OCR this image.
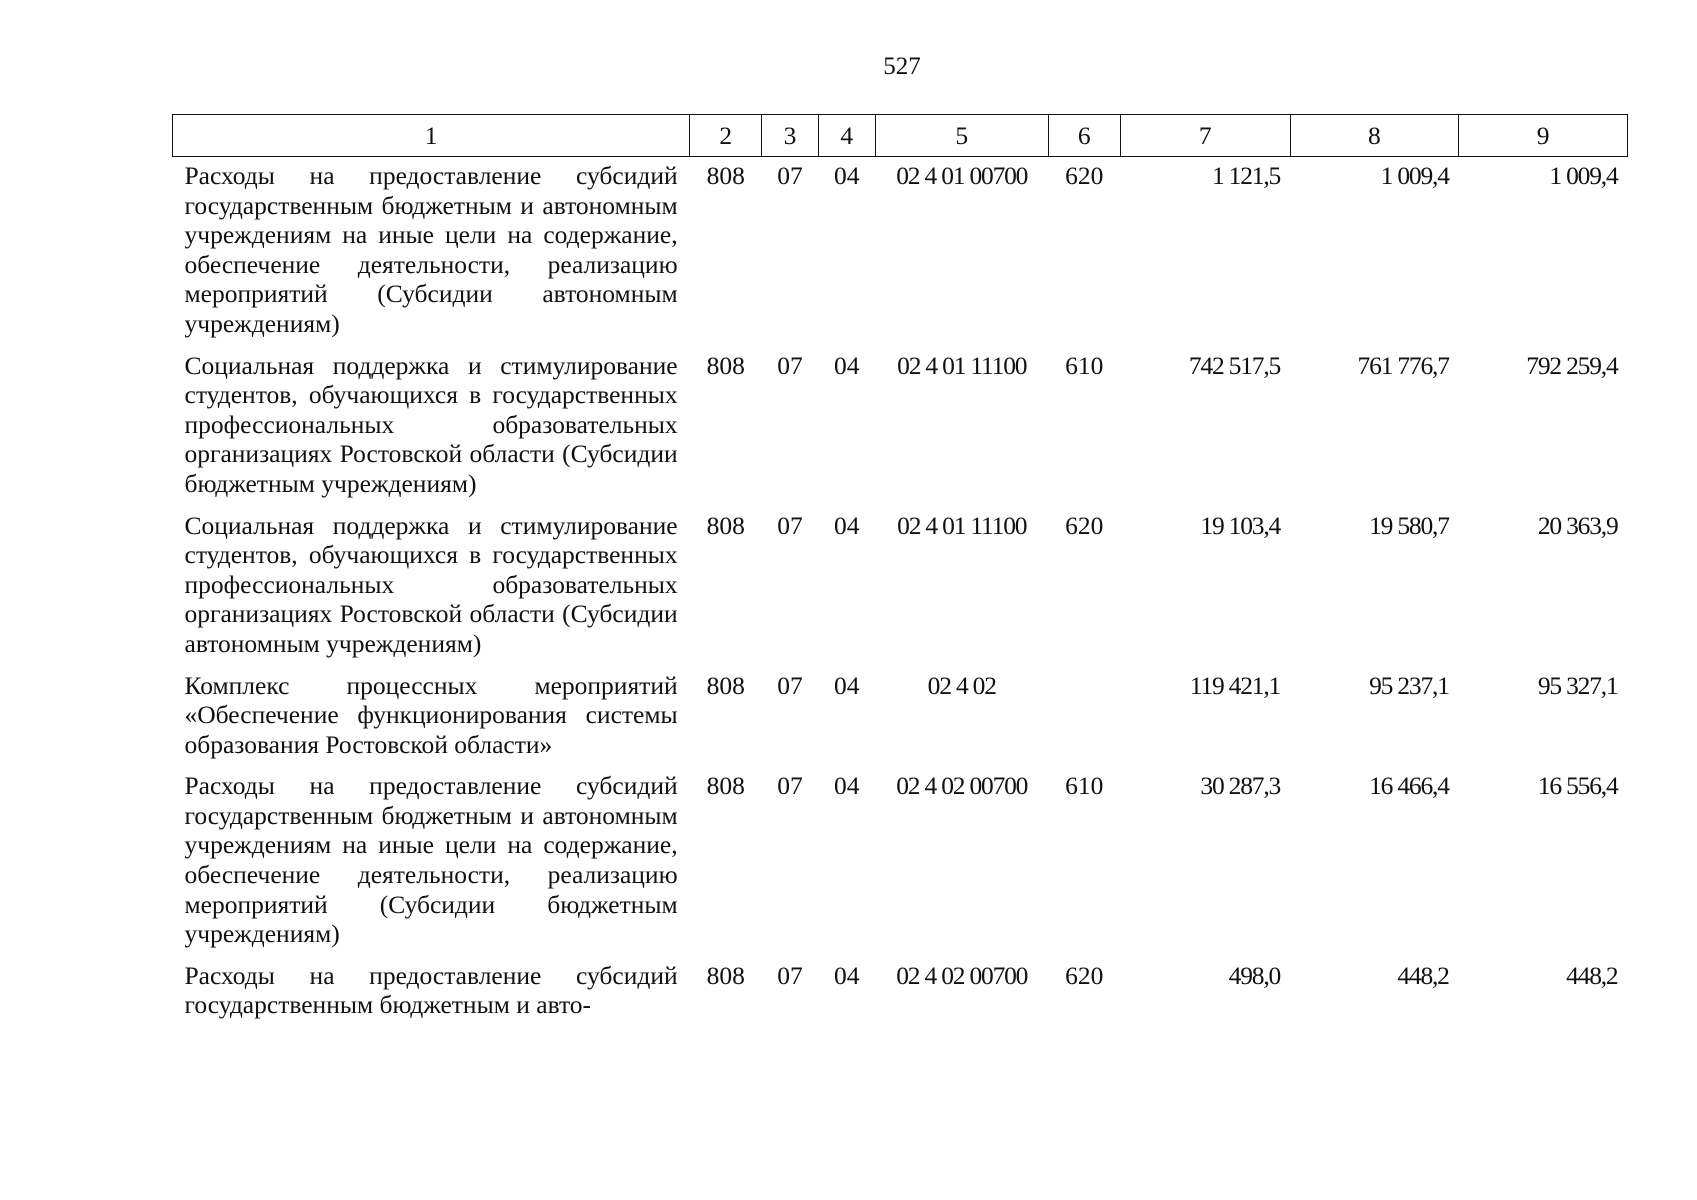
527
1	2	3	4	5	6	7	8	9
Расходы на предоставление субсидий государственным бюджетным и автономным учреждениям на иные цели на содержание, обеспечение деятельности, реализацию мероприятий (Субсидии автономным учреждениям)	808	07	04	02 4 01 00700	620	1 121,5	1 009,4	1 009,4
Социальная поддержка и стимулирование студентов, обучающихся в государственных профессиональных образовательных организациях Ростовской области (Субсидии бюджетным учреждениям)	808	07	04	02 4 01 11100	610	742 517,5	761 776,7	792 259,4
Социальная поддержка и стимулирование студентов, обучающихся в государственных профессиональных образовательных организациях Ростовской области (Субсидии автономным учреждениям)	808	07	04	02 4 01 11100	620	19 103,4	19 580,7	20 363,9
Комплекс процессных мероприятий «Обеспечение функционирования системы образования Ростовской области»	808	07	04	02 4 02		119 421,1	95 237,1	95 327,1
Расходы на предоставление субсидий государственным бюджетным и автономным учреждениям на иные цели на содержание, обеспечение деятельности, реализацию мероприятий (Субсидии бюджетным учреждениям)	808	07	04	02 4 02 00700	610	30 287,3	16 466,4	16 556,4
Расходы на предоставление субсидий государственным бюджетным и авто-	808	07	04	02 4 02 00700	620	498,0	448,2	448,2
